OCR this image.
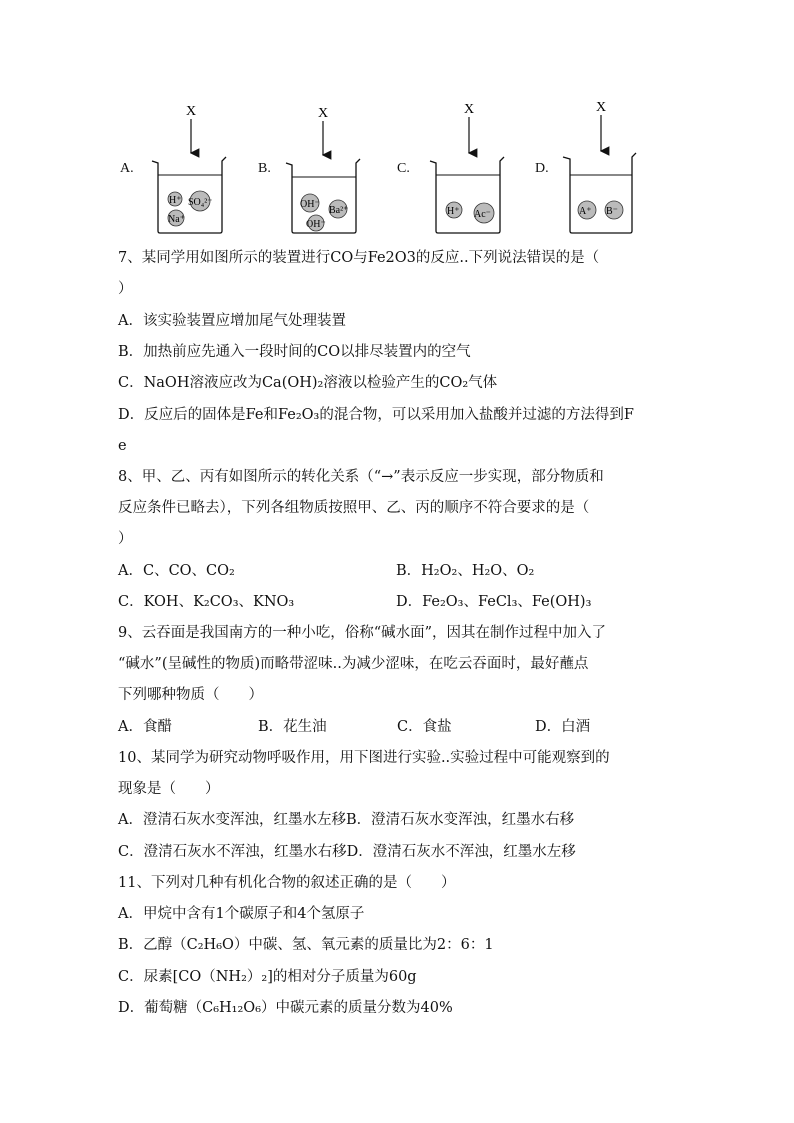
A.	B.	C.	D.
X
H⁺ SO₄²⁻
Na⁺
X
OH⁻
Ba²⁺
OH⁻
X
H⁺ Ac⁻
X
A⁺ B⁻
7、某同学用如图所示的装置进行CO与Fe2O3的反应..下列说法错误的是（
）
A．该实验装置应增加尾气处理装置
B．加热前应先通入一段时间的CO以排尽装置内的空气
C．NaOH溶液应改为Ca(OH)₂溶液以检验产生的CO₂气体
D．反应后的固体是Fe和Fe₂O₃的混合物，可以采用加入盐酸并过滤的方法得到F
e
8、甲、乙、丙有如图所示的转化关系（“→”表示反应一步实现，部分物质和
反应条件已略去），下列各组物质按照甲、乙、丙的顺序不符合要求的是（
）
A．C、CO、CO₂	B．H₂O₂、H₂O、O₂
C．KOH、K₂CO₃、KNO₃	D．Fe₂O₃、FeCl₃、Fe(OH)₃
9、云吞面是我国南方的一种小吃，俗称“碱水面”，因其在制作过程中加入了
“碱水”(呈碱性的物质)而略带涩味..为减少涩味，在吃云吞面时，最好蘸点
下列哪种物质（　　）
A．食醋	B．花生油	C．食盐	D．白酒
10、某同学为研究动物呼吸作用，用下图进行实验..实验过程中可能观察到的
现象是（　　）
A．澄清石灰水变浑浊，红墨水左移B．澄清石灰水变浑浊，红墨水右移
C．澄清石灰水不浑浊，红墨水右移D．澄清石灰水不浑浊，红墨水左移
11、下列对几种有机化合物的叙述正确的是（　　）
A．甲烷中含有1个碳原子和4个氢原子
B．乙醇（C₂H₆O）中碳、氢、氧元素的质量比为2：6：1
C．尿素[CO（NH₂）₂]的相对分子质量为60g
D．葡萄糖（C₆H₁₂O₆）中碳元素的质量分数为40%
